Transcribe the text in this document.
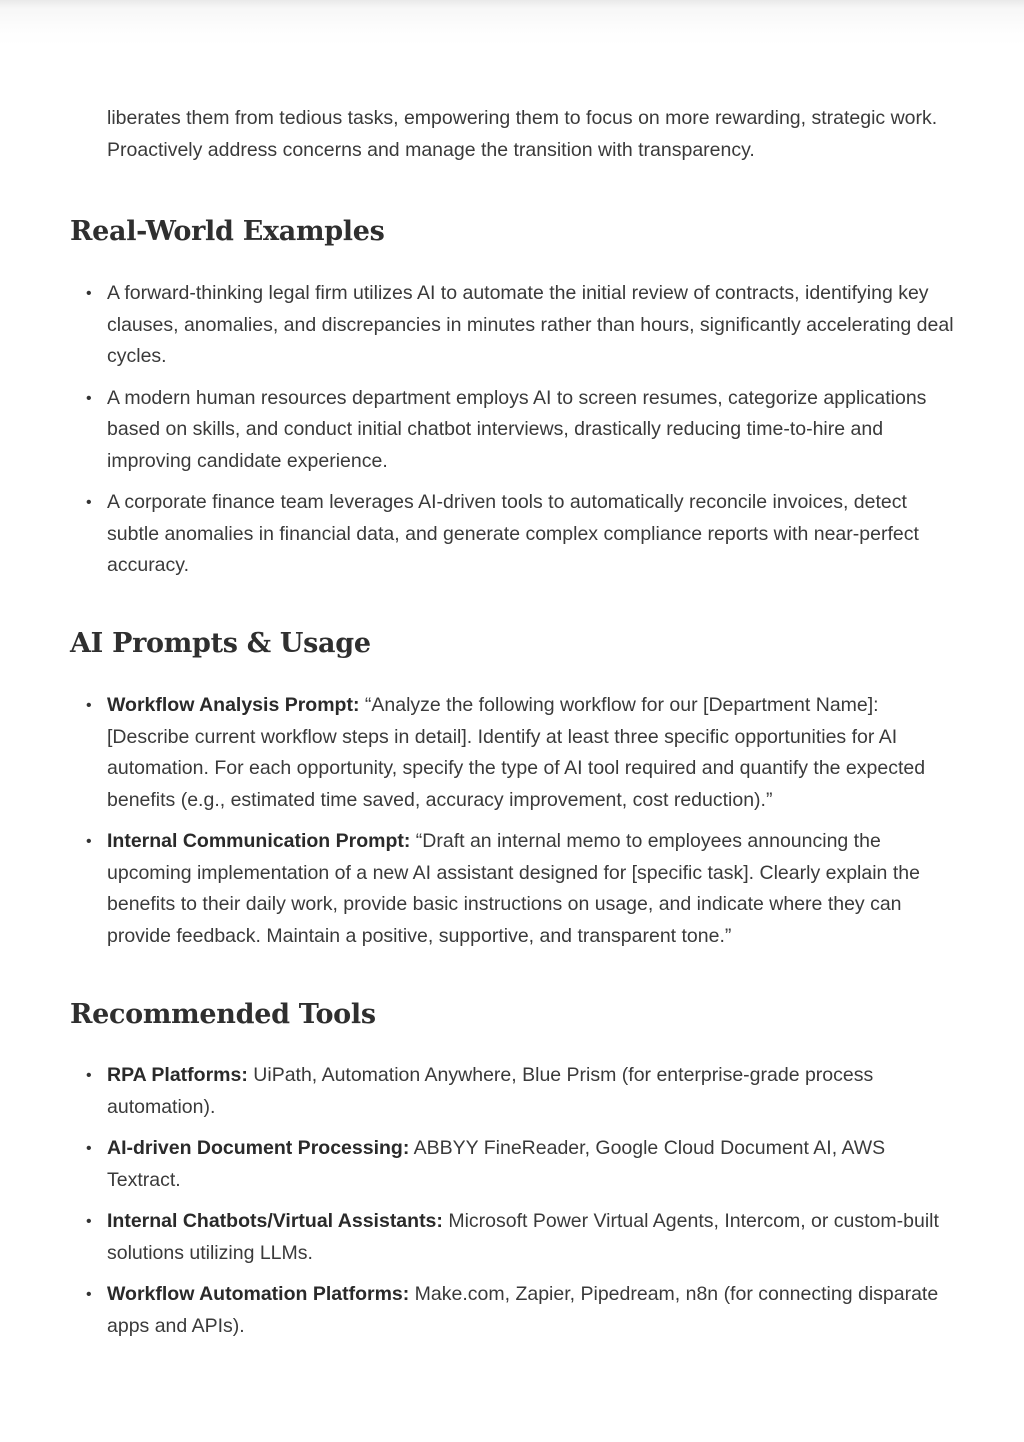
liberates them from tedious tasks, empowering them to focus on more rewarding, strategic work. Proactively address concerns and manage the transition with transparency.

Real-World Examples
• A forward-thinking legal firm utilizes AI to automate the initial review of contracts, identifying key clauses, anomalies, and discrepancies in minutes rather than hours, significantly accelerating deal cycles.
• A modern human resources department employs AI to screen resumes, categorize applications based on skills, and conduct initial chatbot interviews, drastically reducing time-to-hire and improving candidate experience.
• A corporate finance team leverages AI-driven tools to automatically reconcile invoices, detect subtle anomalies in financial data, and generate complex compliance reports with near-perfect accuracy.
AI Prompts & Usage
• Workflow Analysis Prompt: “Analyze the following workflow for our [Department Name]: [Describe current workflow steps in detail]. Identify at least three specific opportunities for AI automation. For each opportunity, specify the type of AI tool required and quantify the expected benefits (e.g., estimated time saved, accuracy improvement, cost reduction).”
• Internal Communication Prompt: “Draft an internal memo to employees announcing the upcoming implementation of a new AI assistant designed for [specific task]. Clearly explain the benefits to their daily work, provide basic instructions on usage, and indicate where they can provide feedback. Maintain a positive, supportive, and transparent tone.”
Recommended Tools
• RPA Platforms: UiPath, Automation Anywhere, Blue Prism (for enterprise-grade process automation).
• AI-driven Document Processing: ABBYY FineReader, Google Cloud Document AI, AWS Textract.
• Internal Chatbots/Virtual Assistants: Microsoft Power Virtual Agents, Intercom, or custom-built solutions utilizing LLMs.
• Workflow Automation Platforms: Make.com, Zapier, Pipedream, n8n (for connecting disparate apps and APIs).
